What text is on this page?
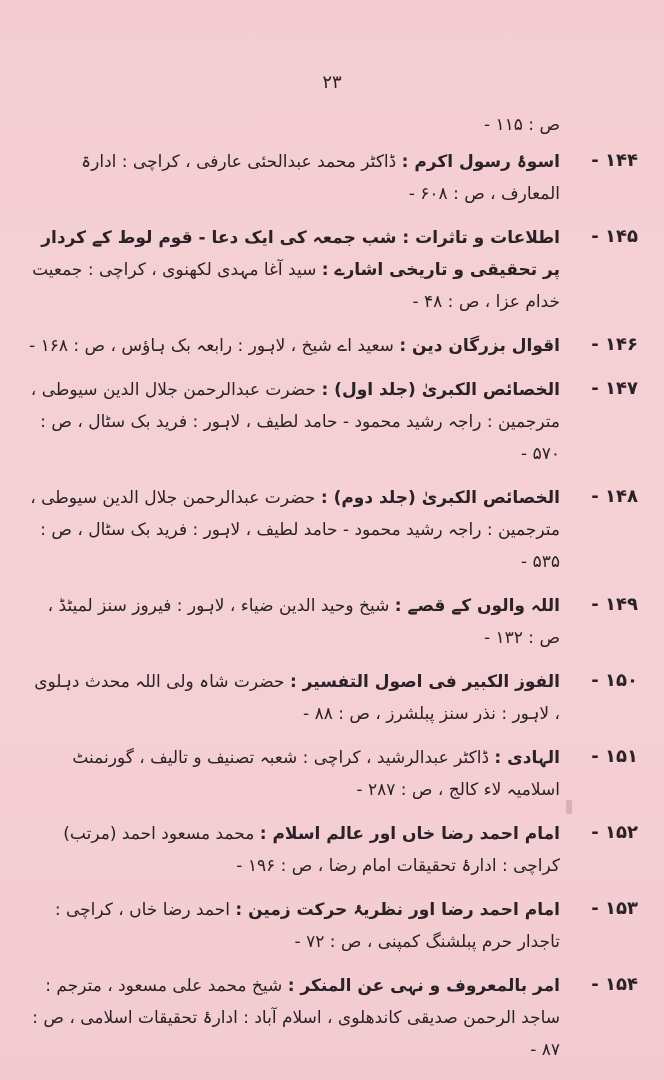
۲۳
ص : ۱۱۵ -
۱۴۴ -
اسوۂ رسول اکرم : ڈاکٹر محمد عبدالحئی عارفی ، کراچی : ادارۃ المعارف ، ص : ۶۰۸ -
۱۴۵ -
اطلاعات و تاثرات : شب جمعہ کی ایک دعا - قوم لوط کے کردار پر تحقیقی و تاریخی اشارے : سید آغا مہدی لکھنوی ، کراچی : جمعیت خدام عزا ، ص : ۴۸ -
۱۴۶ -
اقوال بزرگان دین : سعید اے شیخ ، لاہور : رابعہ بک ہاؤس ، ص : ۱۶۸ -
۱۴۷ -
الخصائص الکبریٰ (جلد اول) : حضرت عبدالرحمن جلال الدین سیوطی ، مترجمین : راجہ رشید محمود - حامد لطیف ، لاہور : فرید بک سٹال ، ص : ۵۷۰ -
۱۴۸ -
الخصائص الکبریٰ (جلد دوم) : حضرت عبدالرحمن جلال الدین سیوطی ، مترجمین : راجہ رشید محمود - حامد لطیف ، لاہور : فرید بک سٹال ، ص : ۵۳۵ -
۱۴۹ -
اللہ والوں کے قصے : شیخ وحید الدین ضیاء ، لاہور : فیروز سنز لمیٹڈ ، ص : ۱۳۲ -
۱۵۰ -
الفوز الکبیر فی اصول التفسیر : حضرت شاہ ولی اللہ محدث دہلوی ، لاہور : نذر سنز پبلشرز ، ص : ۸۸ -
۱۵۱ -
الہادی : ڈاکٹر عبدالرشید ، کراچی : شعبہ تصنیف و تالیف ، گورنمنٹ اسلامیہ لاء کالج ، ص : ۲۸۷ -
۱۵۲ -
امام احمد رضا خاں اور عالم اسلام : محمد مسعود احمد (مرتب) کراچی : ادارۂ تحقیقات امام رضا ، ص : ۱۹۶ -
۱۵۳ -
امام احمد رضا اور نظریۂ حرکت زمین : احمد رضا خاں ، کراچی : تاجدار حرم پبلشنگ کمپنی ، ص : ۷۲ -
۱۵۴ -
امر بالمعروف و نہی عن المنکر : شیخ محمد علی مسعود ، مترجم : ساجد الرحمن صدیقی کاندھلوی ، اسلام آباد : ادارۂ تحقیقات اسلامی ، ص : ۸۷ -
